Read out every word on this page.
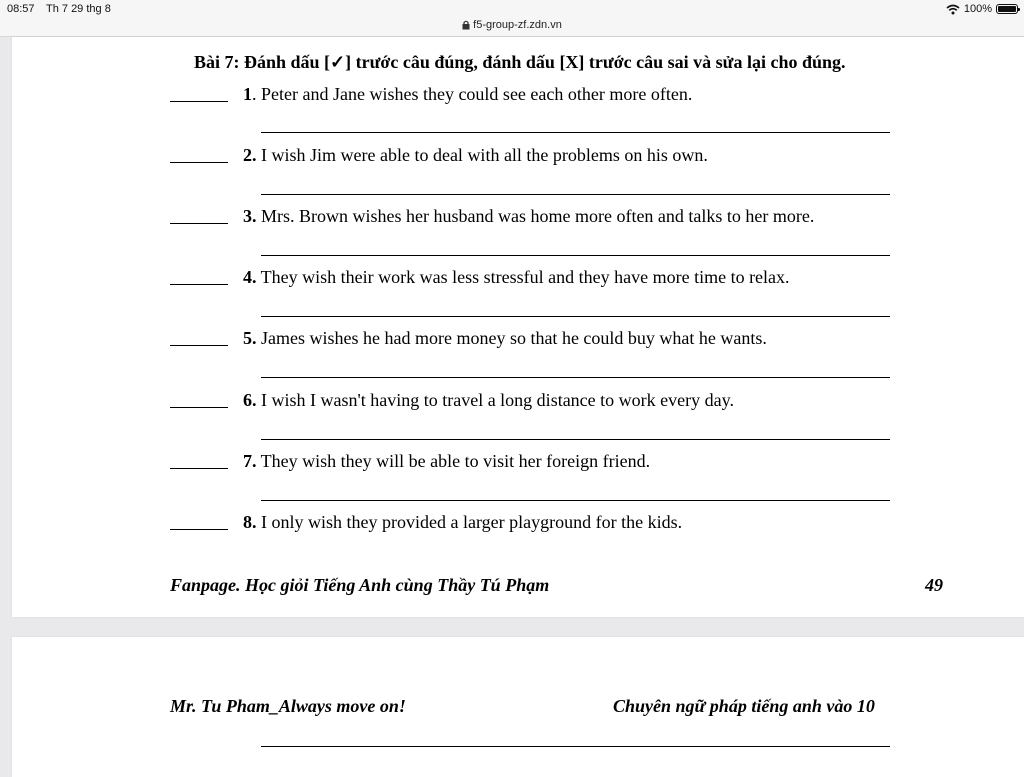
08:57 Th 7 29 thg 8	100%
f5-group-zf.zdn.vn
Bài 7: Đánh dấu [✓] trước câu đúng, đánh dấu [X] trước câu sai và sửa lại cho đúng.
1. Peter and Jane wishes they could see each other more often.
2. I wish Jim were able to deal with all the problems on his own.
3. Mrs. Brown wishes her husband was home more often and talks to her more.
4. They wish their work was less stressful and they have more time to relax.
5. James wishes he had more money so that he could buy what he wants.
6. I wish I wasn't having to travel a long distance to work every day.
7. They wish they will be able to visit her foreign friend.
8. I only wish they provided a larger playground for the kids.
Fanpage. Học giỏi Tiếng Anh cùng Thầy Tú Phạm	49
Mr. Tu Pham_Always move on!	Chuyên ngữ pháp tiếng anh vào 10
